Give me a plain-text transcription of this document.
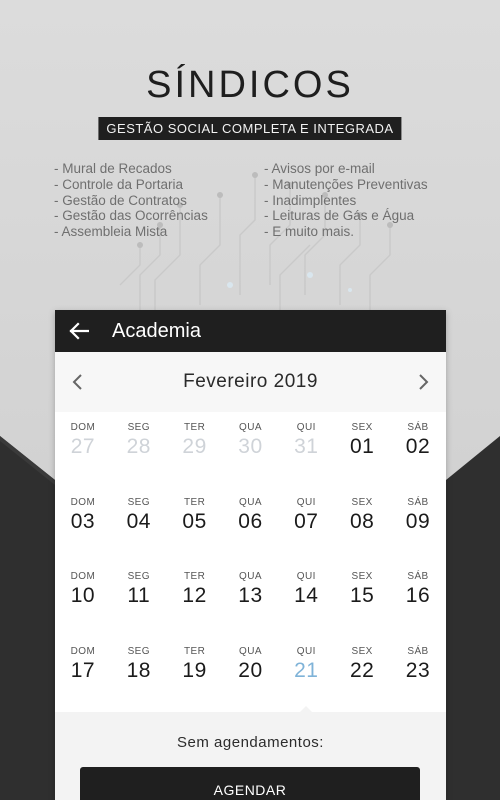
SÍNDICOS
GESTÃO SOCIAL COMPLETA E INTEGRADA
- Mural de Recados
- Controle da Portaria
- Gestão de Contratos
- Gestão das Ocorrências
- Assembleia Mista
- Avisos por e-mail
- Manutenções Preventivas
- Inadimplentes
- Leituras de Gás e Água
- E muito mais.
Academia
Fevereiro 2019
DOM
27
SEG
28
TER
29
QUA
30
QUI
31
SEX
01
SÁB
02
DOM
03
SEG
04
TER
05
QUA
06
QUI
07
SEX
08
SÁB
09
DOM
10
SEG
11
TER
12
QUA
13
QUI
14
SEX
15
SÁB
16
DOM
17
SEG
18
TER
19
QUA
20
QUI
21
SEX
22
SÁB
23
Sem agendamentos:
AGENDAR
